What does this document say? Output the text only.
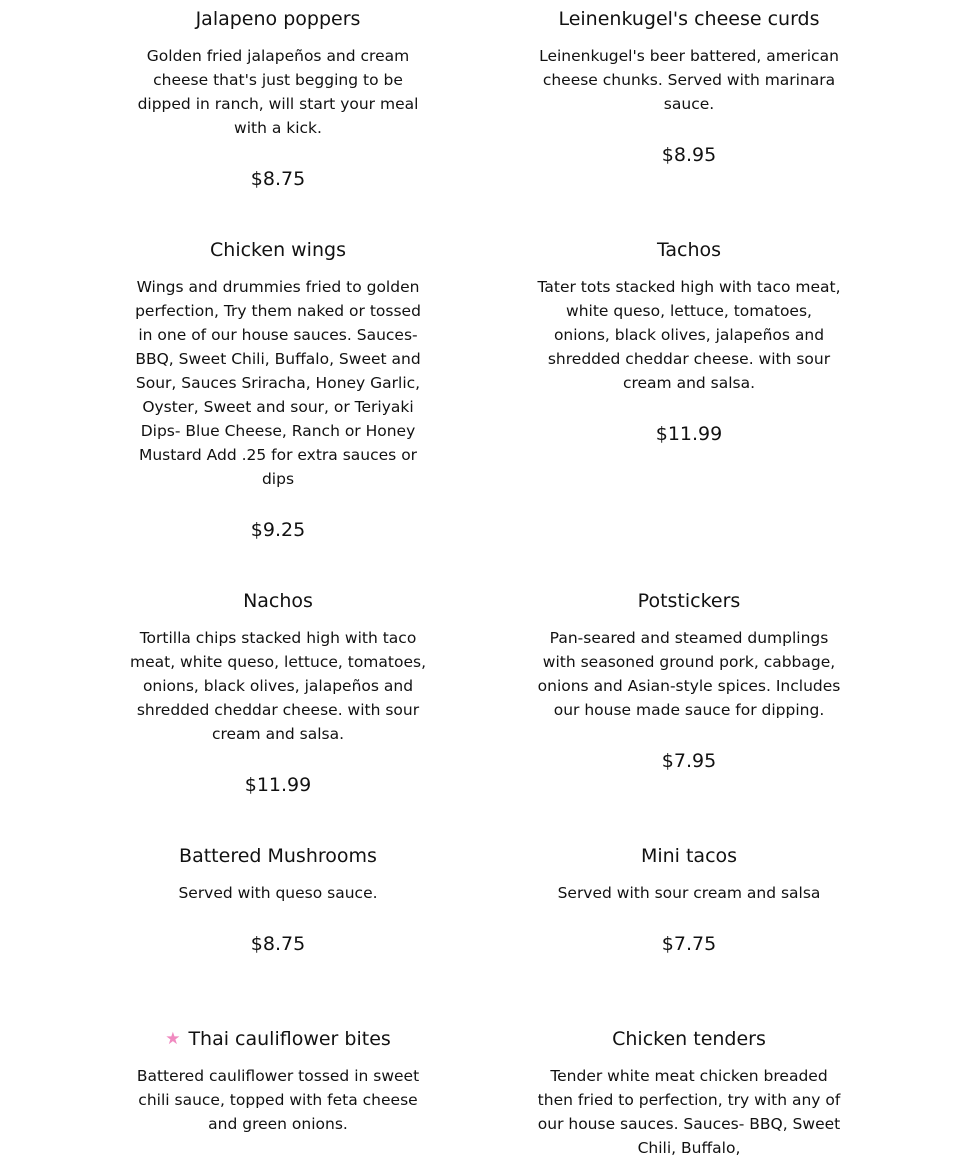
Jalapeno poppers

Golden fried jalapeños and cream cheese that's just begging to be dipped in ranch, will start your meal with a kick.

$8.75

Leinenkugel's cheese curds

Leinenkugel's beer battered, american cheese chunks. Served with marinara sauce.

$8.95

Chicken wings

Wings and drummies fried to golden perfection, Try them naked or tossed in one of our house sauces. Sauces- BBQ, Sweet Chili, Buffalo, Sweet and Sour, Sauces Sriracha, Honey Garlic, Oyster, Sweet and sour, or Teriyaki Dips- Blue Cheese, Ranch or Honey Mustard Add .25 for extra sauces or dips

$9.25

Tachos

Tater tots stacked high with taco meat, white queso, lettuce, tomatoes, onions, black olives, jalapeños and shredded cheddar cheese. with sour cream and salsa.

$11.99

Nachos

Tortilla chips stacked high with taco meat, white queso, lettuce, tomatoes, onions, black olives, jalapeños and shredded cheddar cheese. with sour cream and salsa.

$11.99

Potstickers

Pan-seared and steamed dumplings with seasoned ground pork, cabbage, onions and Asian-style spices. Includes our house made sauce for dipping.

$7.95

Battered Mushrooms

Served with queso sauce.

$8.75

Mini tacos

Served with sour cream and salsa

$7.75

★ Thai cauliflower bites

Battered cauliflower tossed in sweet chili sauce, topped with feta cheese and green onions.

Chicken tenders

Tender white meat chicken breaded then fried to perfection, try with any of our house sauces. Sauces- BBQ, Sweet Chili, Buffalo,
